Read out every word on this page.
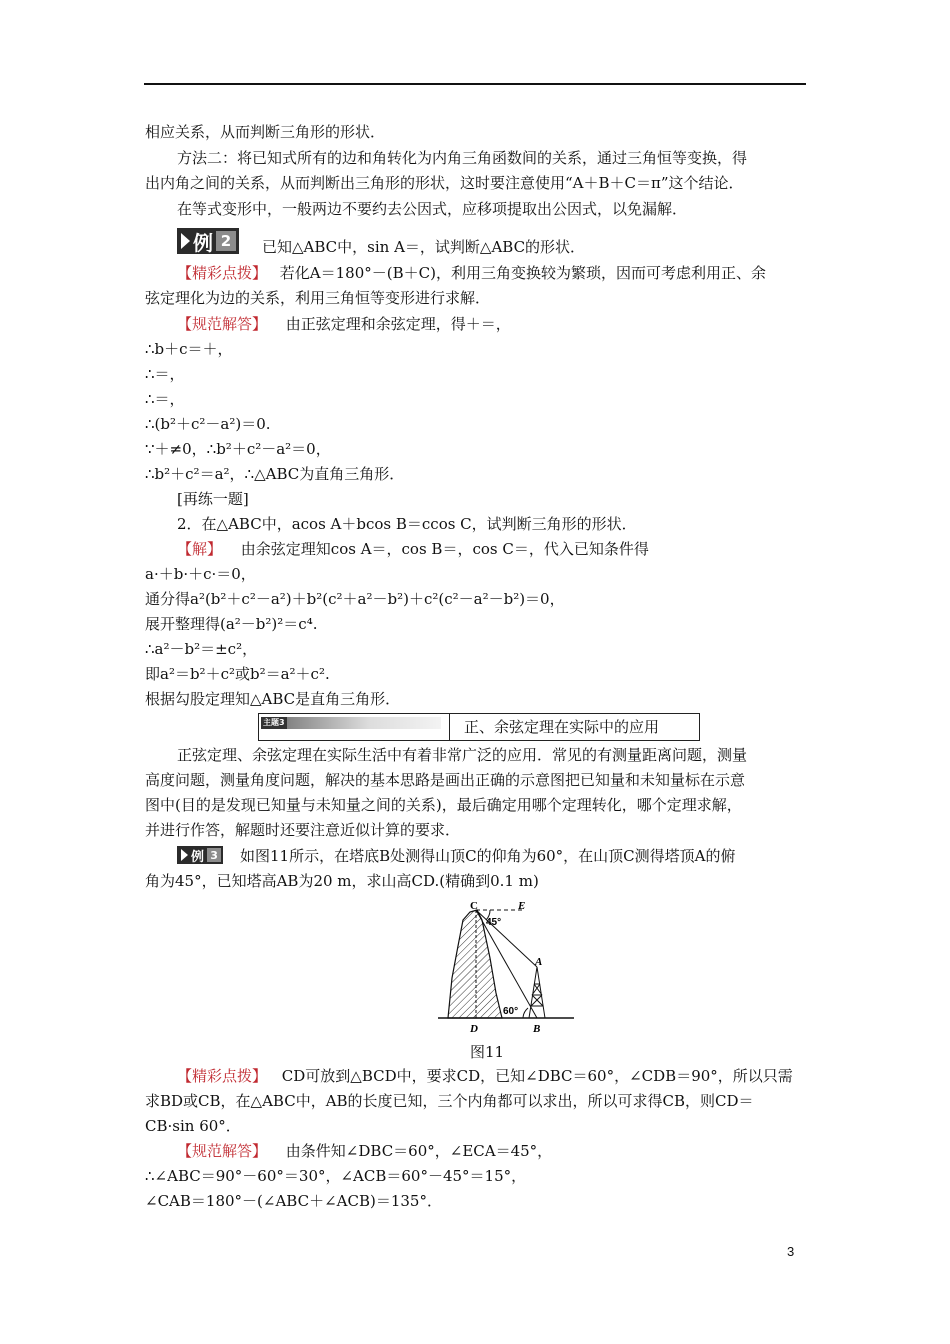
相应关系，从而判断三角形的形状．
方法二：将已知式所有的边和角转化为内角三角函数间的关系，通过三角恒等变换，得
出内角之间的关系，从而判断出三角形的形状，这时要注意使用“A＋B＋C＝π”这个结论．
在等式变形中，一般两边不要约去公因式，应移项提取出公因式，以免漏解．
例 2	已知△ABC中，sin A＝，试判断△ABC的形状．
【精彩点拨】 若化A＝180°－(B＋C)，利用三角变换较为繁琐，因而可考虑利用正、余
弦定理化为边的关系，利用三角恒等变形进行求解．
【规范解答】 由正弦定理和余弦定理，得＋＝，
∴b＋c＝＋，
∴＝，
∴＝，
∴(b²＋c²－a²)＝0.
∵＋≠0，∴b²＋c²－a²＝0，
∴b²＋c²＝a²，∴△ABC为直角三角形．
[再练一题]
2．在△ABC中，acos A＋bcos B＝ccos C，试判断三角形的形状．
【解】 由余弦定理知cos A＝，cos B＝，cos C＝，代入已知条件得
a·＋b·＋c·＝0，
通分得a²(b²＋c²－a²)＋b²(c²＋a²－b²)＋c²(c²－a²－b²)＝0，
展开整理得(a²－b²)²＝c⁴.
∴a²－b²＝±c²，
即a²＝b²＋c²或b²＝a²＋c².
根据勾股定理知△ABC是直角三角形．
主题3	正、余弦定理在实际中的应用
正弦定理、余弦定理在实际生活中有着非常广泛的应用．常见的有测量距离问题，测量
高度问题，测量角度问题，解决的基本思路是画出正确的示意图把已知量和未知量标在示意
图中(目的是发现已知量与未知量之间的关系)，最后确定用哪个定理转化，哪个定理求解，
并进行作答，解题时还要注意近似计算的要求．
例 3 如图11所示，在塔底B处测得山顶C的仰角为60°，在山顶C测得塔顶A的俯
角为45°，已知塔高AB为20 m，求山高CD.(精确到0.1 m)
C	E
45°
A
60°
D	B
图11
【精彩点拨】 CD可放到△BCD中，要求CD，已知∠DBC＝60°，∠CDB＝90°，所以只需
求BD或CB，在△ABC中，AB的长度已知，三个内角都可以求出，所以可求得CB，则CD＝
CB·sin 60°．
【规范解答】 由条件知∠DBC＝60°，∠ECA＝45°，
∴∠ABC＝90°－60°＝30°，∠ACB＝60°－45°＝15°，
∠CAB＝180°－(∠ABC＋∠ACB)＝135°．
3
